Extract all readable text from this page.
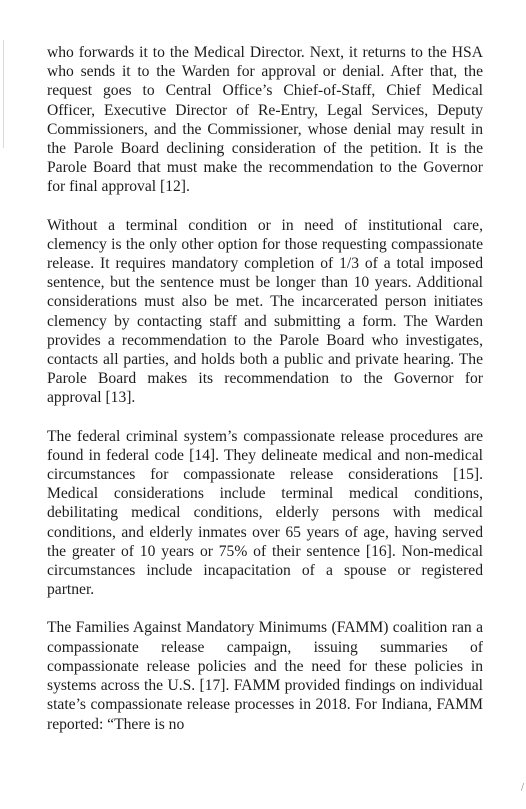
who forwards it to the Medical Director. Next, it returns to the HSA who sends it to the Warden for approval or denial. After that, the request goes to Central Office’s Chief-of-Staff, Chief Medical Officer, Executive Director of Re-Entry, Legal Services, Deputy Commissioners, and the Commissioner, whose denial may result in the Parole Board declining consideration of the petition. It is the Parole Board that must make the recommendation to the Governor for final approval [12].

Without a terminal condition or in need of institutional care, clemency is the only other option for those requesting compassionate release. It requires mandatory completion of 1/3 of a total imposed sentence, but the sentence must be longer than 10 years. Additional considerations must also be met. The incarcerated person initiates clemency by contacting staff and submitting a form. The Warden provides a recommendation to the Parole Board who investigates, contacts all parties, and holds both a public and private hearing. The Parole Board makes its recommendation to the Governor for approval [13].

The federal criminal system’s compassionate release procedures are found in federal code [14]. They delineate medical and non-medical circumstances for compassionate release considerations [15]. Medical considerations include terminal medical conditions, debilitating medical conditions, elderly persons with medical conditions, and elderly inmates over 65 years of age, having served the greater of 10 years or 75% of their sentence [16]. Non-medical circumstances include incapacitation of a spouse or registered partner.

The Families Against Mandatory Minimums (FAMM) coalition ran a compassionate release campaign, issuing summaries of compassionate release policies and the need for these policies in systems across the U.S. [17]. FAMM provided findings on individual state’s compassionate release processes in 2018. For Indiana, FAMM reported: “There is no

/
